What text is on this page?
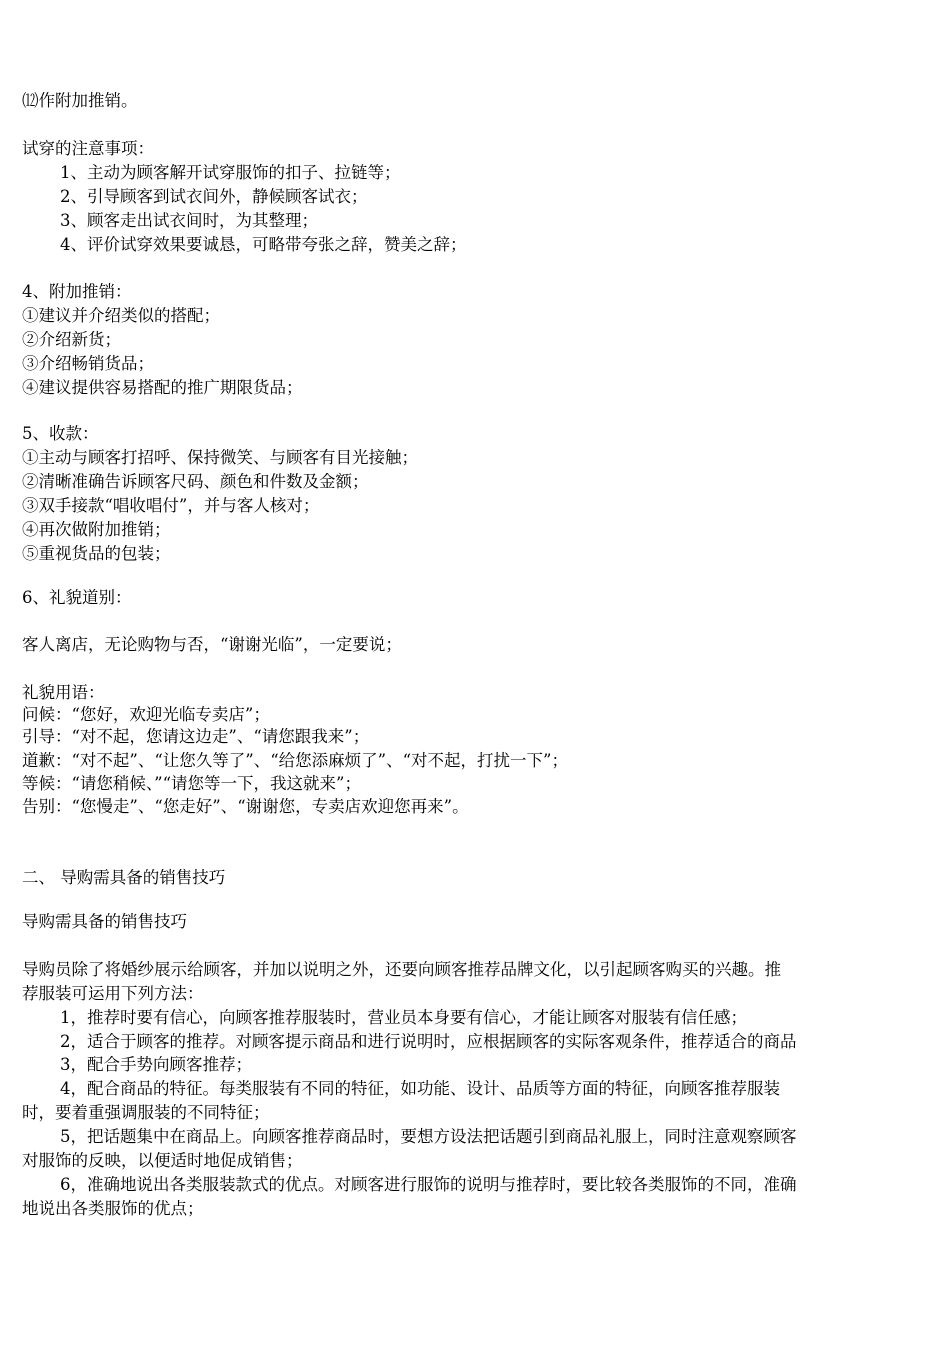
⑿作附加推销。
试穿的注意事项：
1、主动为顾客解开试穿服饰的扣子、拉链等；
2、引导顾客到试衣间外，静候顾客试衣；
3、顾客走出试衣间时，为其整理；
4、评价试穿效果要诚恳，可略带夸张之辞，赞美之辞；
4、附加推销：
①建议并介绍类似的搭配；
②介绍新货；
③介绍畅销货品；
④建议提供容易搭配的推广期限货品；
5、收款：
①主动与顾客打招呼、保持微笑、与顾客有目光接触；
②清晰准确告诉顾客尺码、颜色和件数及金额；
③双手接款“唱收唱付”，并与客人核对；
④再次做附加推销；
⑤重视货品的包装；
6、礼貌道别：
客人离店，无论购物与否，“谢谢光临”，一定要说；
礼貌用语：
问候：“您好，欢迎光临专卖店”；
引导：“对不起，您请这边走”、“请您跟我来”；
道歉：“对不起”、“让您久等了”、“给您添麻烦了”、“对不起，打扰一下”；
等候：“请您稍候、”“请您等一下，我这就来”；
告别：“您慢走”、“您走好”、“谢谢您，专卖店欢迎您再来”。
二、 导购需具备的销售技巧
导购需具备的销售技巧
导购员除了将婚纱展示给顾客，并加以说明之外，还要向顾客推荐品牌文化，以引起顾客购买的兴趣。推
荐服装可运用下列方法：
1，推荐时要有信心，向顾客推荐服装时，营业员本身要有信心，才能让顾客对服装有信任感；
2，适合于顾客的推荐。对顾客提示商品和进行说明时，应根据顾客的实际客观条件，推荐适合的商品
3，配合手势向顾客推荐；
4，配合商品的特征。每类服装有不同的特征，如功能、设计、品质等方面的特征，向顾客推荐服装
时，要着重强调服装的不同特征；
5，把话题集中在商品上。向顾客推荐商品时，要想方设法把话题引到商品礼服上，同时注意观察顾客
对服饰的反映，以便适时地促成销售；
6，准确地说出各类服装款式的优点。对顾客进行服饰的说明与推荐时，要比较各类服饰的不同，准确
地说出各类服饰的优点；
